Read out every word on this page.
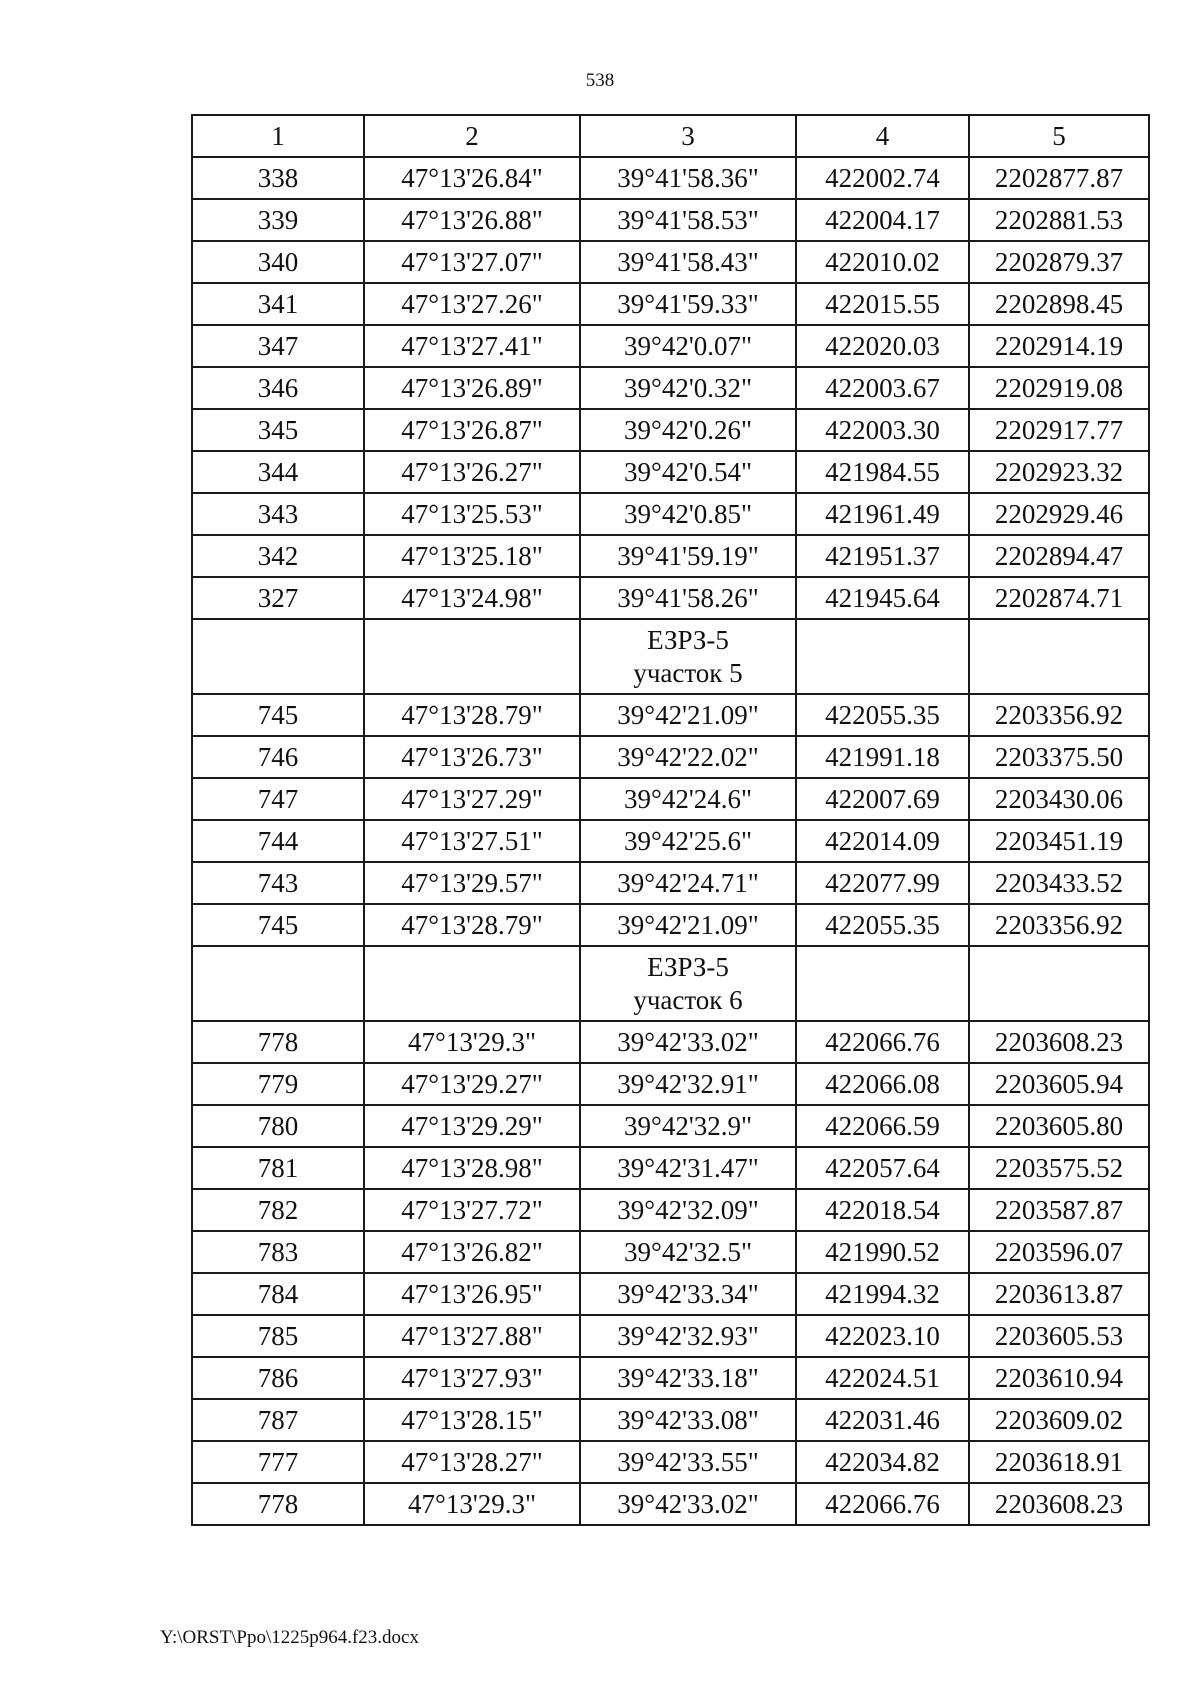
538
1	2	3	4	5
338	47°13'26.84"	39°41'58.36"	422002.74	2202877.87
339	47°13'26.88"	39°41'58.53"	422004.17	2202881.53
340	47°13'27.07"	39°41'58.43"	422010.02	2202879.37
341	47°13'27.26"	39°41'59.33"	422015.55	2202898.45
347	47°13'27.41"	39°42'0.07"	422020.03	2202914.19
346	47°13'26.89"	39°42'0.32"	422003.67	2202919.08
345	47°13'26.87"	39°42'0.26"	422003.30	2202917.77
344	47°13'26.27"	39°42'0.54"	421984.55	2202923.32
343	47°13'25.53"	39°42'0.85"	421961.49	2202929.46
342	47°13'25.18"	39°41'59.19"	421951.37	2202894.47
327	47°13'24.98"	39°41'58.26"	421945.64	2202874.71

		ЕЗРЗ-5
участок 5		

745	47°13'28.79"	39°42'21.09"	422055.35	2203356.92
746	47°13'26.73"	39°42'22.02"	421991.18	2203375.50
747	47°13'27.29"	39°42'24.6"	422007.69	2203430.06
744	47°13'27.51"	39°42'25.6"	422014.09	2203451.19
743	47°13'29.57"	39°42'24.71"	422077.99	2203433.52
745	47°13'28.79"	39°42'21.09"	422055.35	2203356.92

		ЕЗРЗ-5
участок 6		

778	47°13'29.3"	39°42'33.02"	422066.76	2203608.23
779	47°13'29.27"	39°42'32.91"	422066.08	2203605.94
780	47°13'29.29"	39°42'32.9"	422066.59	2203605.80
781	47°13'28.98"	39°42'31.47"	422057.64	2203575.52
782	47°13'27.72"	39°42'32.09"	422018.54	2203587.87
783	47°13'26.82"	39°42'32.5"	421990.52	2203596.07
784	47°13'26.95"	39°42'33.34"	421994.32	2203613.87
785	47°13'27.88"	39°42'32.93"	422023.10	2203605.53
786	47°13'27.93"	39°42'33.18"	422024.51	2203610.94
787	47°13'28.15"	39°42'33.08"	422031.46	2203609.02
777	47°13'28.27"	39°42'33.55"	422034.82	2203618.91
778	47°13'29.3"	39°42'33.02"	422066.76	2203608.23
Y:\ORST\Ppo\1225p964.f23.docx
